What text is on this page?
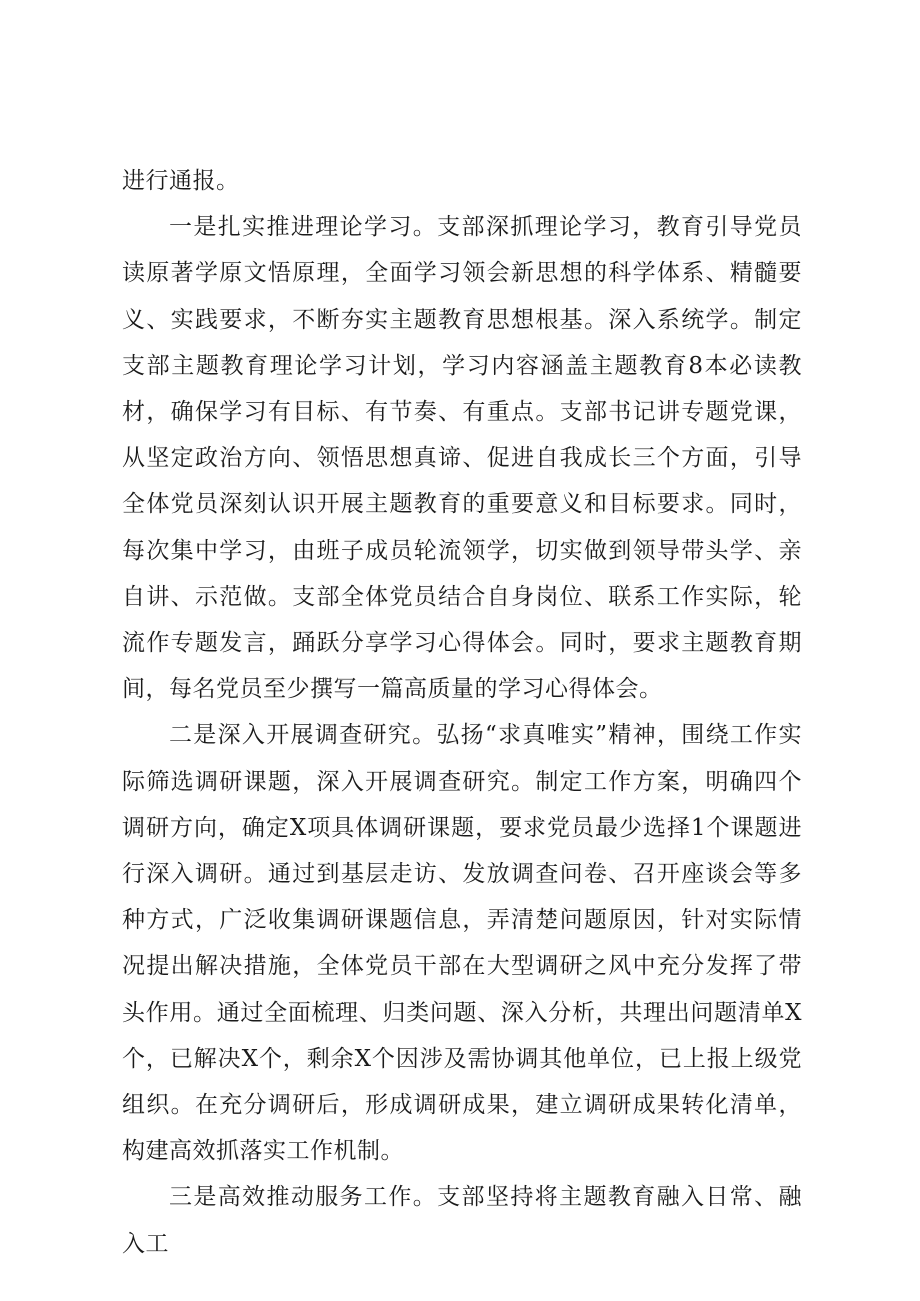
进行通报。

一是扎实推进理论学习。支部深抓理论学习，教育引导党员读原著学原文悟原理，全面学习领会新思想的科学体系、精髓要义、实践要求，不断夯实主题教育思想根基。深入系统学。制定支部主题教育理论学习计划，学习内容涵盖主题教育8本必读教材，确保学习有目标、有节奏、有重点。支部书记讲专题党课，从坚定政治方向、领悟思想真谛、促进自我成长三个方面，引导全体党员深刻认识开展主题教育的重要意义和目标要求。同时，每次集中学习，由班子成员轮流领学，切实做到领导带头学、亲自讲、示范做。支部全体党员结合自身岗位、联系工作实际，轮流作专题发言，踊跃分享学习心得体会。同时，要求主题教育期间，每名党员至少撰写一篇高质量的学习心得体会。

二是深入开展调查研究。弘扬“求真唯实”精神，围绕工作实际筛选调研课题，深入开展调查研究。制定工作方案，明确四个调研方向，确定X项具体调研课题，要求党员最少选择1个课题进行深入调研。通过到基层走访、发放调查问卷、召开座谈会等多种方式，广泛收集调研课题信息，弄清楚问题原因，针对实际情况提出解决措施，全体党员干部在大型调研之风中充分发挥了带头作用。通过全面梳理、归类问题、深入分析，共理出问题清单X个，已解决X个，剩余X个因涉及需协调其他单位，已上报上级党组织。在充分调研后，形成调研成果，建立调研成果转化清单，构建高效抓落实工作机制。

三是高效推动服务工作。支部坚持将主题教育融入日常、融入工
